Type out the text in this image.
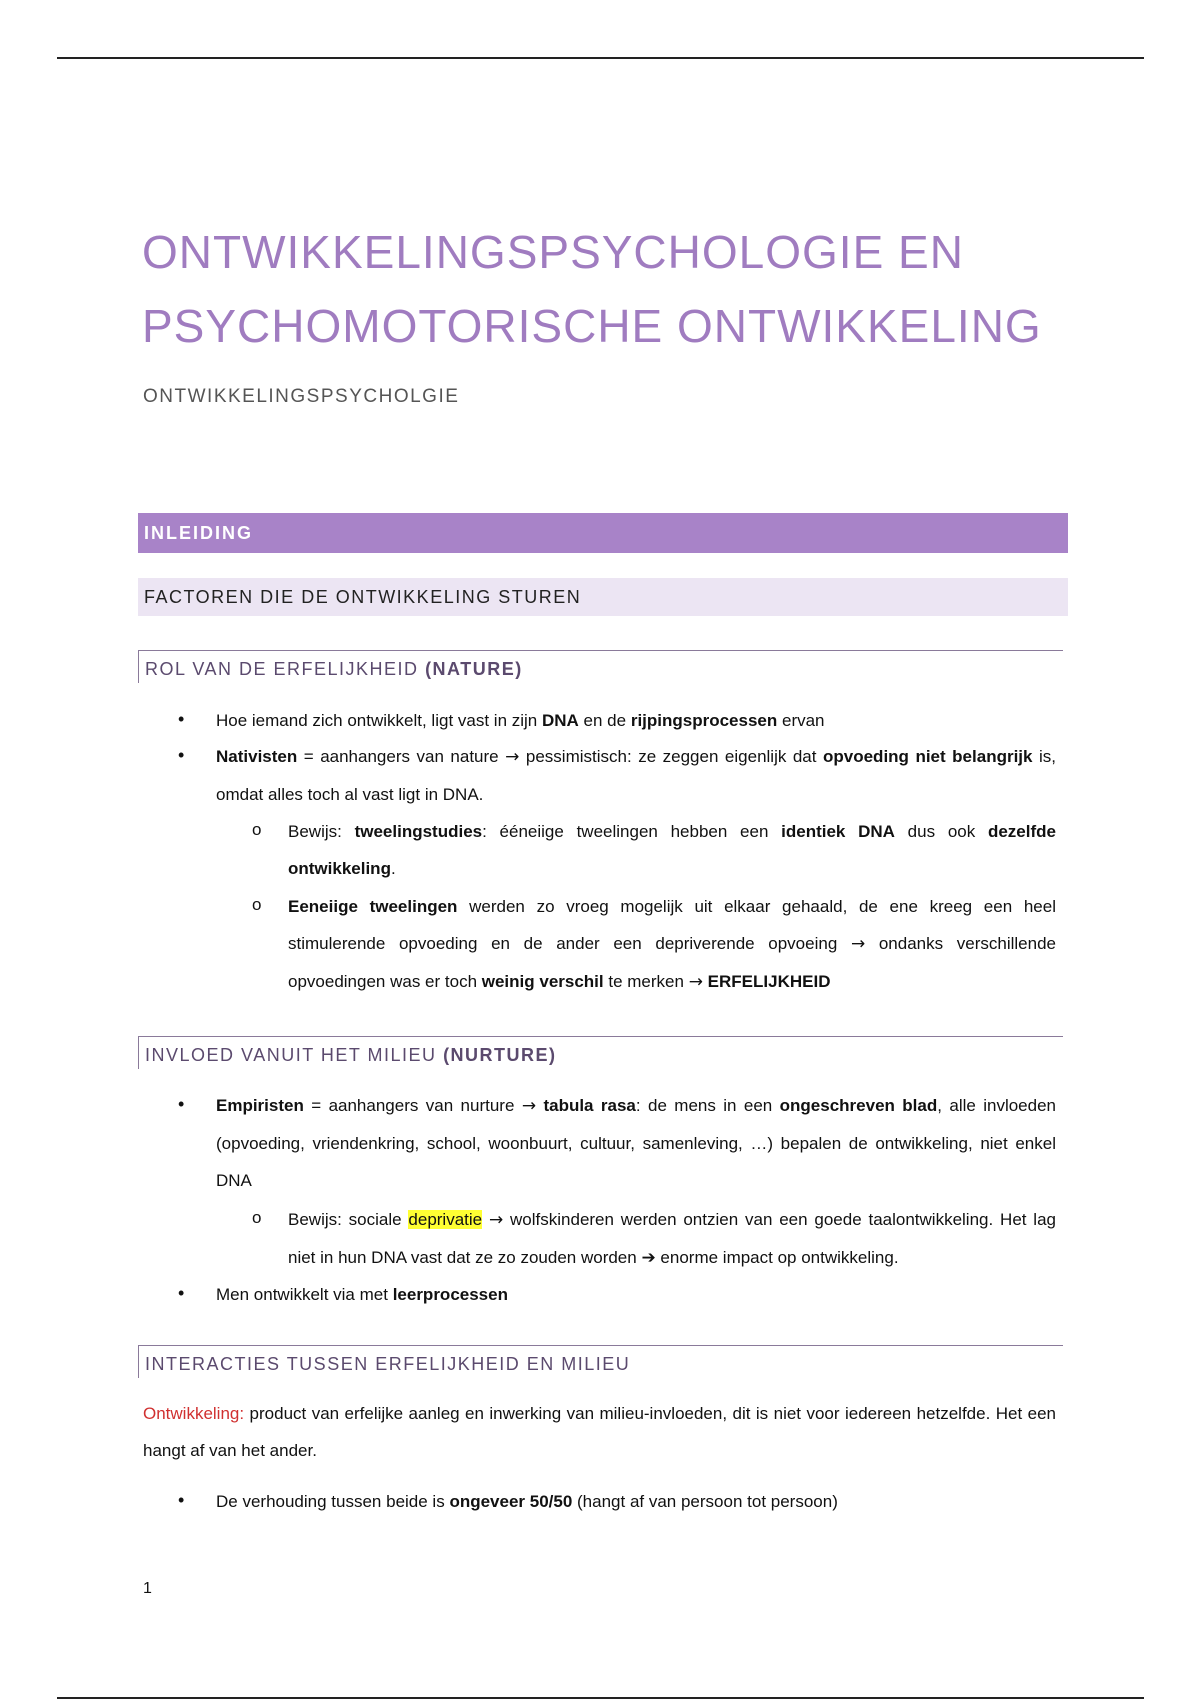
ONTWIKKELINGSPSYCHOLOGIE EN
PSYCHOMOTORISCHE ONTWIKKELING
ONTWIKKELINGSPSYCHOLGIE
INLEIDING
FACTOREN DIE DE ONTWIKKELING STUREN
ROL VAN DE ERFELIJKHEID (NATURE)
• Hoe iemand zich ontwikkelt, ligt vast in zijn DNA en de rijpingsprocessen ervan

• Nativisten = aanhangers van nature → pessimistisch: ze zeggen eigenlijk dat opvoeding niet belangrijk is, omdat alles toch al vast ligt in DNA.

o Bewijs: tweelingstudies: ééneiige tweelingen hebben een identiek DNA dus ook dezelfde ontwikkeling.

o Eeneiige tweelingen werden zo vroeg mogelijk uit elkaar gehaald, de ene kreeg een heel stimulerende opvoeding en de ander een depriverende opvoeing → ondanks verschillende opvoedingen was er toch weinig verschil te merken → ERFELIJKHEID

INVLOED VANUIT HET MILIEU (NURTURE)
• Empiristen = aanhangers van nurture → tabula rasa: de mens in een ongeschreven blad, alle invloeden (opvoeding, vriendenkring, school, woonbuurt, cultuur, samenleving, …) bepalen de ontwikkeling, niet enkel DNA

o Bewijs: sociale deprivatie → wolfskinderen werden ontzien van een goede taalontwikkeling. Het lag niet in hun DNA vast dat ze zo zouden worden ➔ enorme impact op ontwikkeling.

• Men ontwikkelt via met leerprocessen

INTERACTIES TUSSEN ERFELIJKHEID EN MILIEU

Ontwikkeling: product van erfelijke aanleg en inwerking van milieu-invloeden, dit is niet voor iedereen hetzelfde. Het een hangt af van het ander.

• De verhouding tussen beide is ongeveer 50/50 (hangt af van persoon tot persoon)

1
